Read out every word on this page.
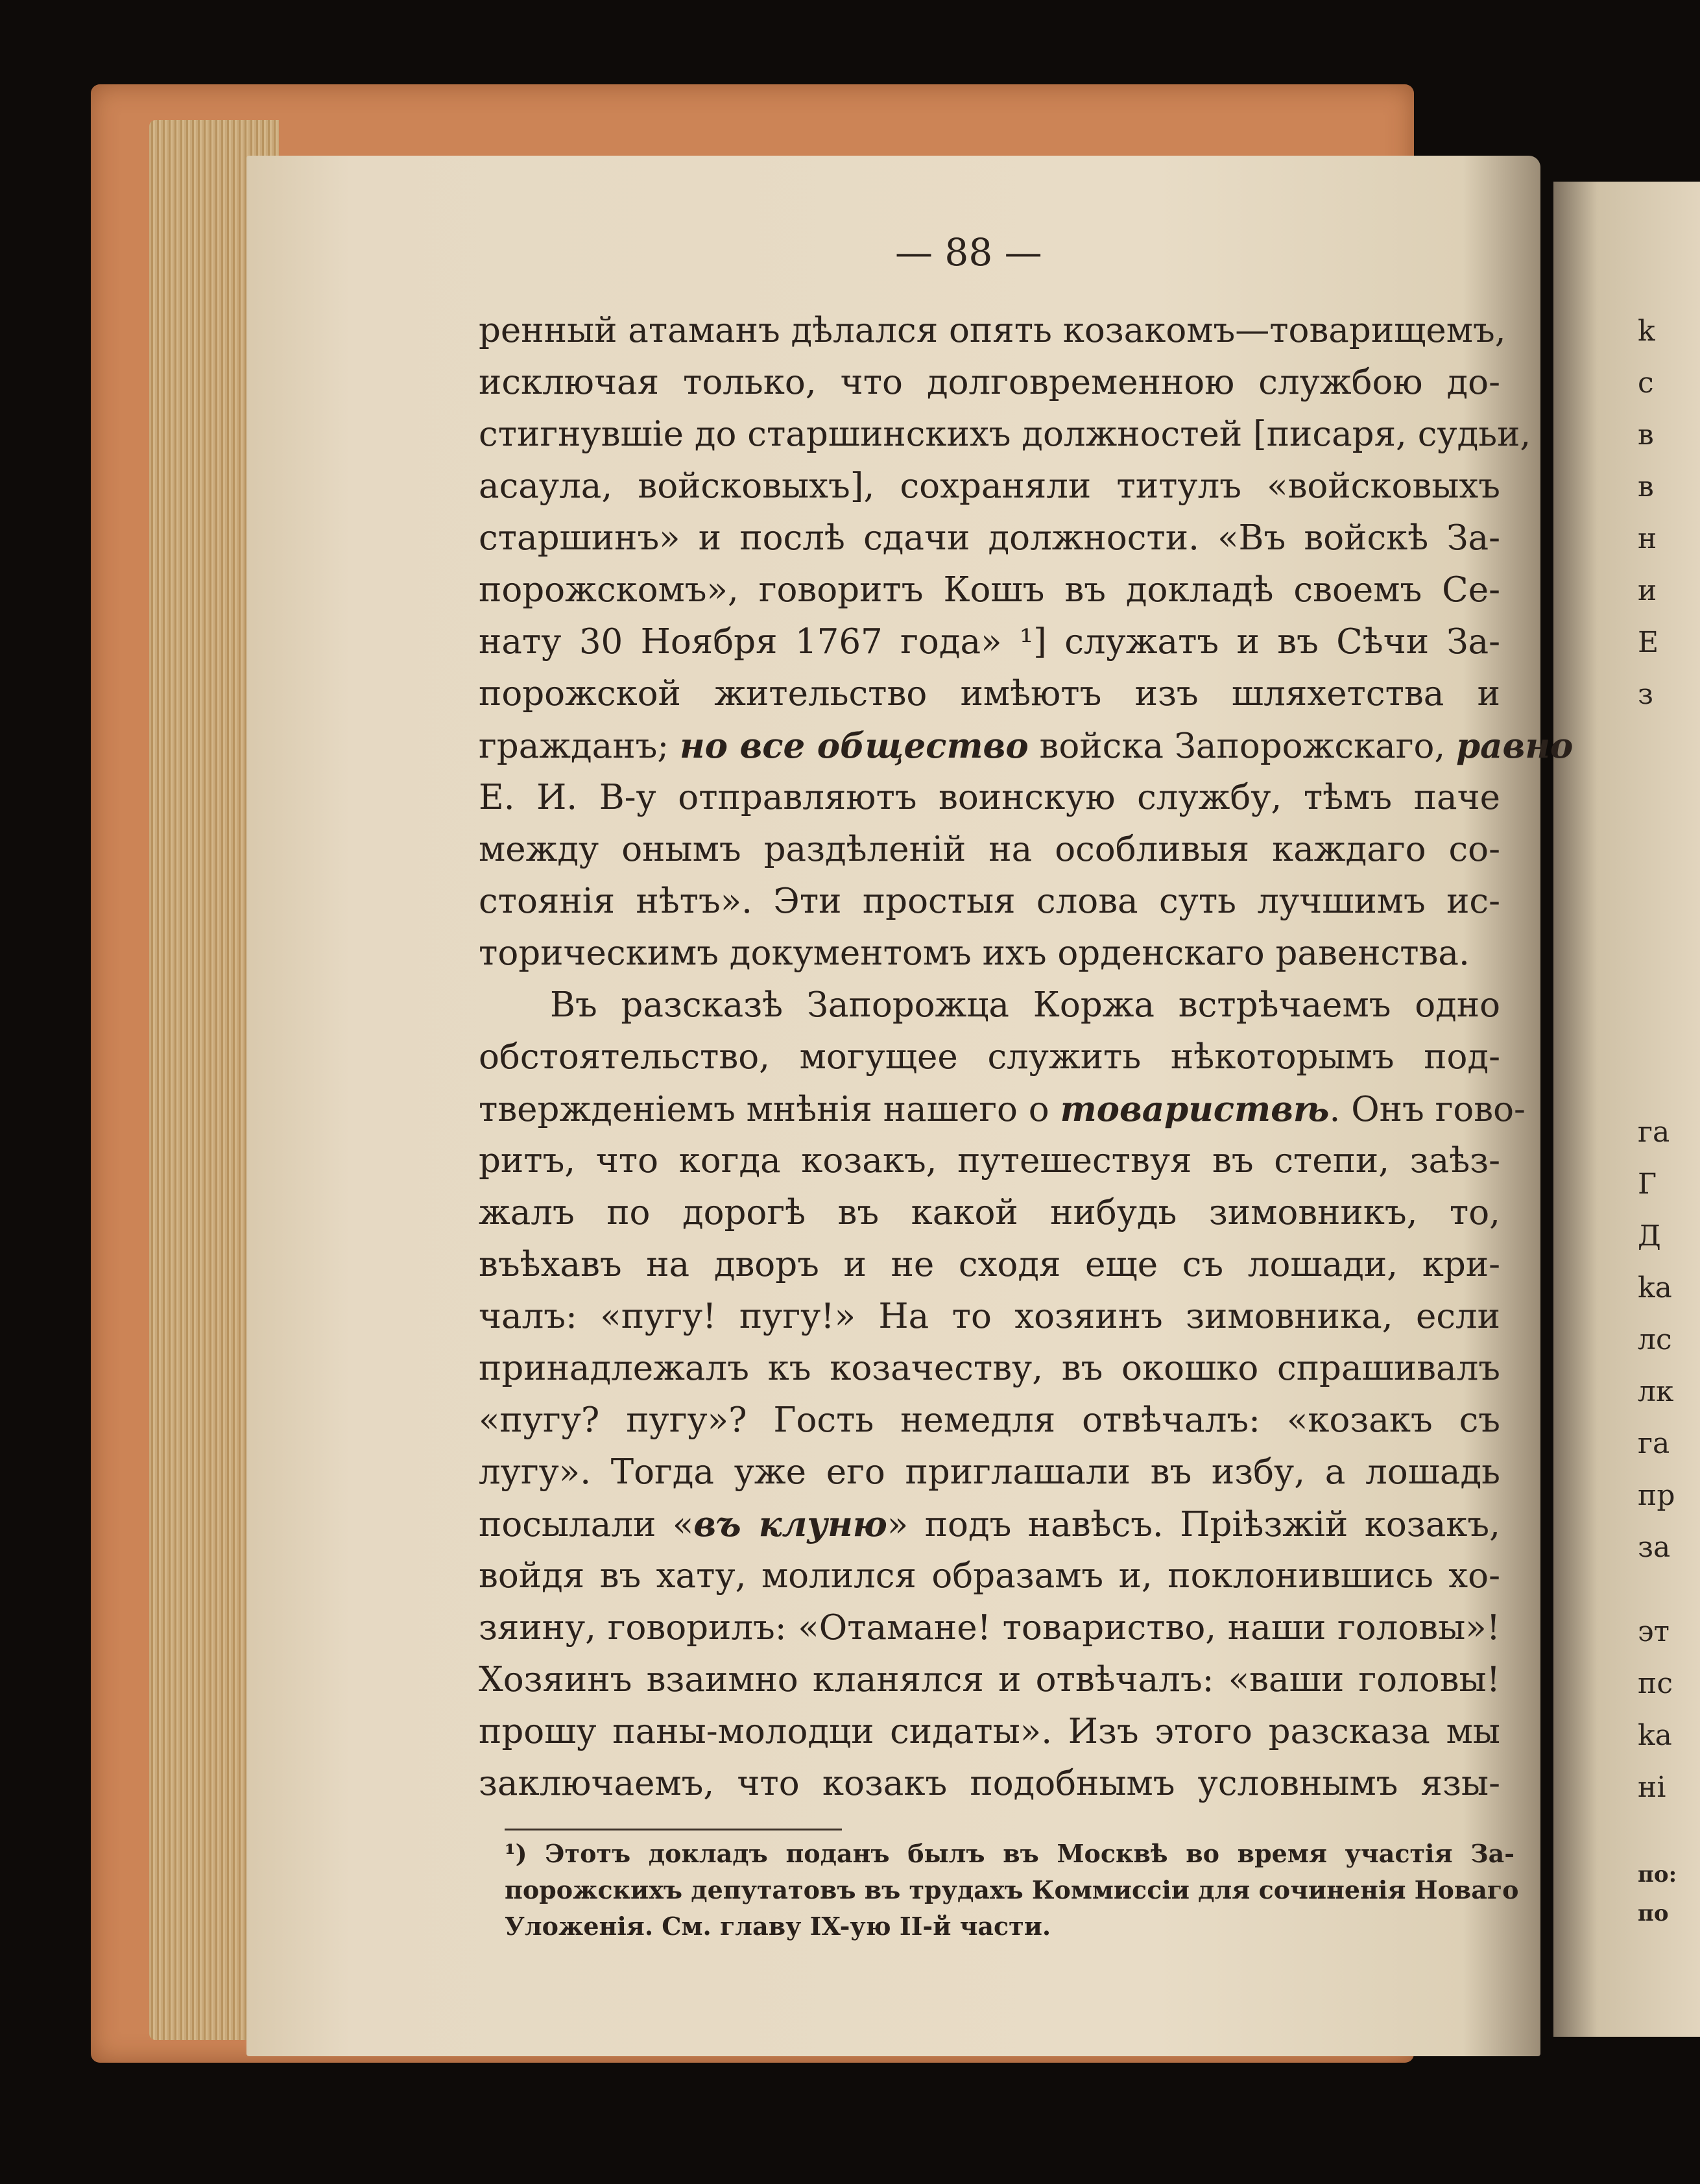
k
c
в
в
н
и
E
з
га
Г
Д
ka
лс
лк
га
пр
за
эт
пс
ka
ні
по:
по
— 88 —
ренный атаманъ дѣлался опять козакомъ—товарищемъ,
исключая только, что долговременною службою до-
стигнувшіе до старшинскихъ должностей [писаря, судьи,
асаула, войсковыхъ], сохраняли титулъ «войсковыхъ
старшинъ» и послѣ сдачи должности. «Въ войскѣ За-
порожскомъ», говоритъ Кошъ въ докладѣ своемъ Се-
нату 30 Ноября 1767 года» ¹] служатъ и въ Сѣчи За-
порожской жительство имѣютъ изъ шляхетства и
гражданъ; но все общество войска Запорожскаго, равно
Е. И. В-у отправляютъ воинскую службу, тѣмъ паче
между онымъ раздѣленій на особливыя каждаго со-
стоянія нѣтъ». Эти простыя слова суть лучшимъ ис-
торическимъ документомъ ихъ орденскаго равенства.
Въ разсказѣ Запорожца Коржа встрѣчаемъ одно
обстоятельство, могущее служить нѣкоторымъ под-
твержденіемъ мнѣнія нашего о товариствѣ. Онъ гово-
ритъ, что когда козакъ, путешествуя въ степи, заѣз-
жалъ по дорогѣ въ какой нибудь зимовникъ, то,
въѣхавъ на дворъ и не сходя еще съ лошади, кри-
чалъ: «пугу! пугу!» На то хозяинъ зимовника, если
принадлежалъ къ козачеству, въ окошко спрашивалъ
«пугу? пугу»? Гость немедля отвѣчалъ: «козакъ съ
лугу». Тогда уже его приглашали въ избу, а лошадь
посылали «въ клуню» подъ навѣсъ. Пріѣзжій козакъ,
войдя въ хату, молился образамъ и, поклонившись хо-
зяину, говорилъ: «Отамане! товариство, наши головы»!
Хозяинъ взаимно кланялся и отвѣчалъ: «ваши головы!
прошу паны-молодци сидаты». Изъ этого разсказа мы
заключаемъ, что козакъ подобнымъ условнымъ язы-
¹) Этотъ докладъ поданъ былъ въ Москвѣ во время участія За-
порожскихъ депутатовъ въ трудахъ Коммиссіи для сочиненія Новаго
Уложенія. См. главу IX-ую II-й части.
